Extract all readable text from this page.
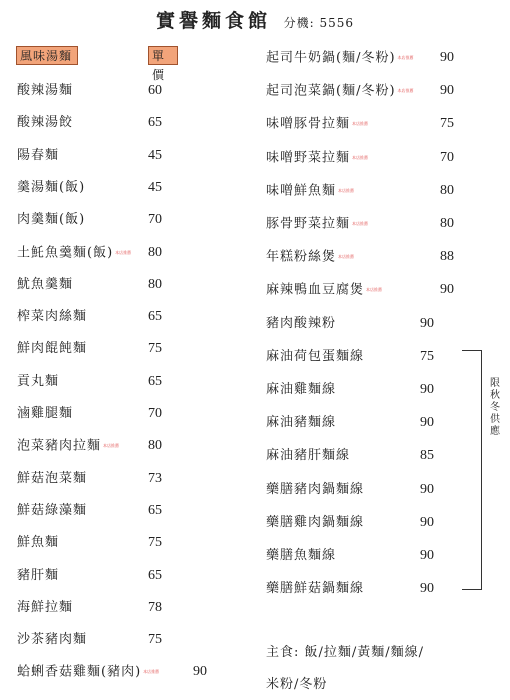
實譽麵食館 分機: 5556
風味湯麵	單價
酸辣湯麵	60
酸辣湯餃	65
陽春麵	45
羹湯麵(飯)	45
肉羹麵(飯)	70
土魠魚羹麵(飯) 本店推薦 80
魷魚羹麵	80
榨菜肉絲麵	65
鮮肉餛飩麵	75
貢丸麵	65
滷雞腿麵	70
泡菜豬肉拉麵 本店推薦 80
鮮菇泡菜麵	73
鮮菇綠藻麵	65
鮮魚麵	75
豬肝麵	65
海鮮拉麵	78
沙茶豬肉麵	75
蛤蜊香菇雞麵(豬肉) 本店推薦 90
起司牛奶鍋(麵/冬粉) 本店推薦 90
起司泡菜鍋(麵/冬粉) 本店推薦 90
味噌豚骨拉麵 本店推薦	75
味噌野菜拉麵 本店推薦	70
味噌鮮魚麵 本店推薦	80
豚骨野菜拉麵 本店推薦	80
年糕粉絲煲 本店推薦	88
麻辣鴨血豆腐煲 本店推薦	90
豬肉酸辣粉	90
麻油荷包蛋麵線	75
麻油雞麵線	90
麻油豬麵線	90
麻油豬肝麵線	85
藥膳豬肉鍋麵線	90
藥膳雞肉鍋麵線	90
藥膳魚麵線	90
藥膳鮮菇鍋麵線	90
限秋冬供應
主食: 飯/拉麵/黃麵/麵線/
米粉/冬粉
